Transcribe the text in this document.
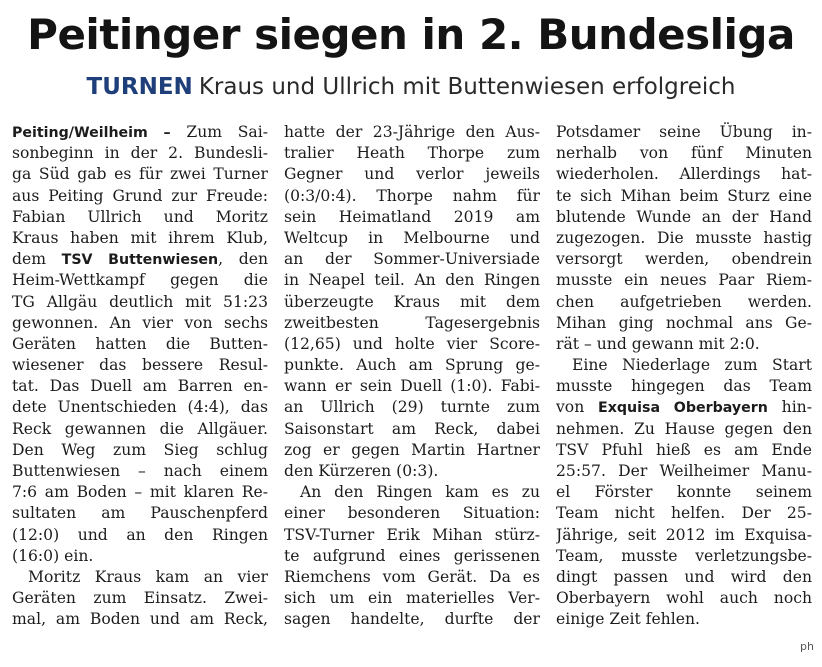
Peitinger siegen in 2. Bundesliga
TURNEN Kraus und Ullrich mit Buttenwiesen erfolgreich
Peiting/Weilheim – Zum Sai-
sonbeginn in der 2. Bundesli-
ga Süd gab es für zwei Turner
aus Peiting Grund zur Freude:
Fabian Ullrich und Moritz
Kraus haben mit ihrem Klub,
dem TSV Buttenwiesen, den
Heim-Wettkampf gegen die
TG Allgäu deutlich mit 51:23
gewonnen. An vier von sechs
Geräten hatten die Butten-
wiesener das bessere Resul-
tat. Das Duell am Barren en-
dete Unentschieden (4:4), das
Reck gewannen die Allgäuer.
Den Weg zum Sieg schlug
Buttenwiesen – nach einem
7:6 am Boden – mit klaren Re-
sultaten am Pauschenpferd
(12:0) und an den Ringen
(16:0) ein.
Moritz Kraus kam an vier
Geräten zum Einsatz. Zwei-
mal, am Boden und am Reck,
hatte der 23-Jährige den Aus-
tralier Heath Thorpe zum
Gegner und verlor jeweils
(0:3/0:4). Thorpe nahm für
sein Heimatland 2019 am
Weltcup in Melbourne und
an der Sommer-Universiade
in Neapel teil. An den Ringen
überzeugte Kraus mit dem
zweitbesten Tagesergebnis
(12,65) und holte vier Score-
punkte. Auch am Sprung ge-
wann er sein Duell (1:0). Fabi-
an Ullrich (29) turnte zum
Saisonstart am Reck, dabei
zog er gegen Martin Hartner
den Kürzeren (0:3).
An den Ringen kam es zu
einer besonderen Situation:
TSV-Turner Erik Mihan stürz-
te aufgrund eines gerissenen
Riemchens vom Gerät. Da es
sich um ein materielles Ver-
sagen handelte, durfte der
Potsdamer seine Übung in-
nerhalb von fünf Minuten
wiederholen. Allerdings hat-
te sich Mihan beim Sturz eine
blutende Wunde an der Hand
zugezogen. Die musste hastig
versorgt werden, obendrein
musste ein neues Paar Riem-
chen aufgetrieben werden.
Mihan ging nochmal ans Ge-
rät – und gewann mit 2:0.
Eine Niederlage zum Start
musste hingegen das Team
von Exquisa Oberbayern hin-
nehmen. Zu Hause gegen den
TSV Pfuhl hieß es am Ende
25:57. Der Weilheimer Manu-
el Förster konnte seinem
Team nicht helfen. Der 25-
Jährige, seit 2012 im Exquisa-
Team, musste verletzungsbe-
dingt passen und wird den
Oberbayern wohl auch noch
einige Zeit fehlen.
ph
